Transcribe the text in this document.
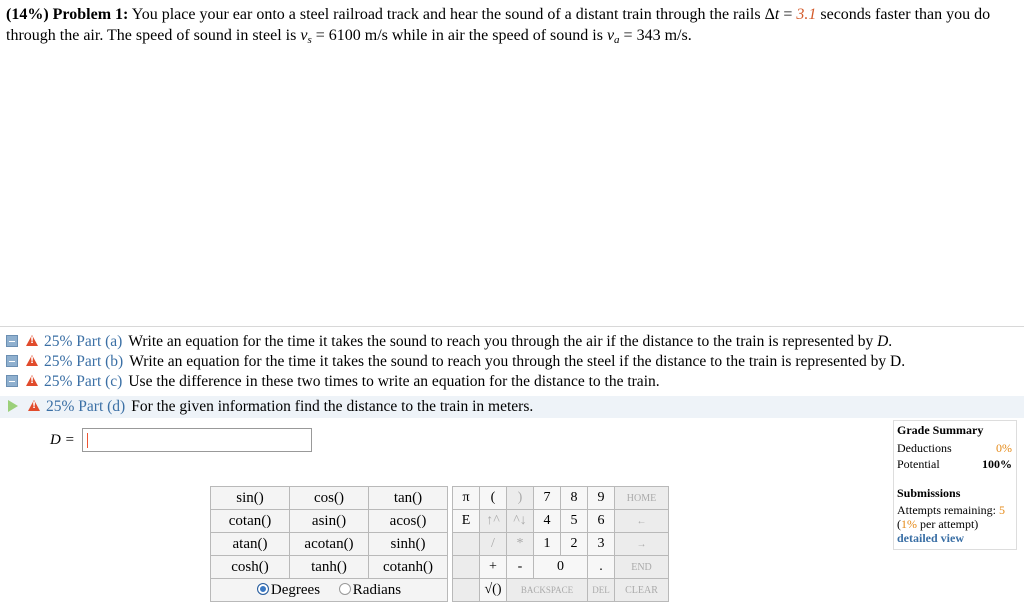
(14%) Problem 1: You place your ear onto a steel railroad track and hear the sound of a distant train through the rails Δt = 3.1 seconds faster than you do through the air. The speed of sound in steel is $v_s = 6100$ m/s while in air the speed of sound is $v_a = 343$ m/s.
!25% Part (a) Write an equation for the time it takes the sound to reach you through the air if the distance to the train is represented by D.
!25% Part (b) Write an equation for the time it takes the sound to reach you through the steel if the distance to the train is represented by D.
!25% Part (c) Use the difference in these two times to write an equation for the distance to the train.
!25% Part (d) For the given information find the distance to the train in meters.
D =
sin()	cos()	tan()
cotan()	asin()	acos()
atan()	acotan()	sinh()
cosh()	tanh()	cotanh()
Degrees Radians		
π	(	)	7	8	9	HOME
E	↑^	^↓	4	5	6	←
	/	*	1	2	3	→
	+	-	0		.	END
	√()	BACKSPACE			DEL	CLEAR
Grade Summary
Deductions	0%
Potential	100%
Submissions
Attempts remaining: 5
(1% per attempt)
detailed view
